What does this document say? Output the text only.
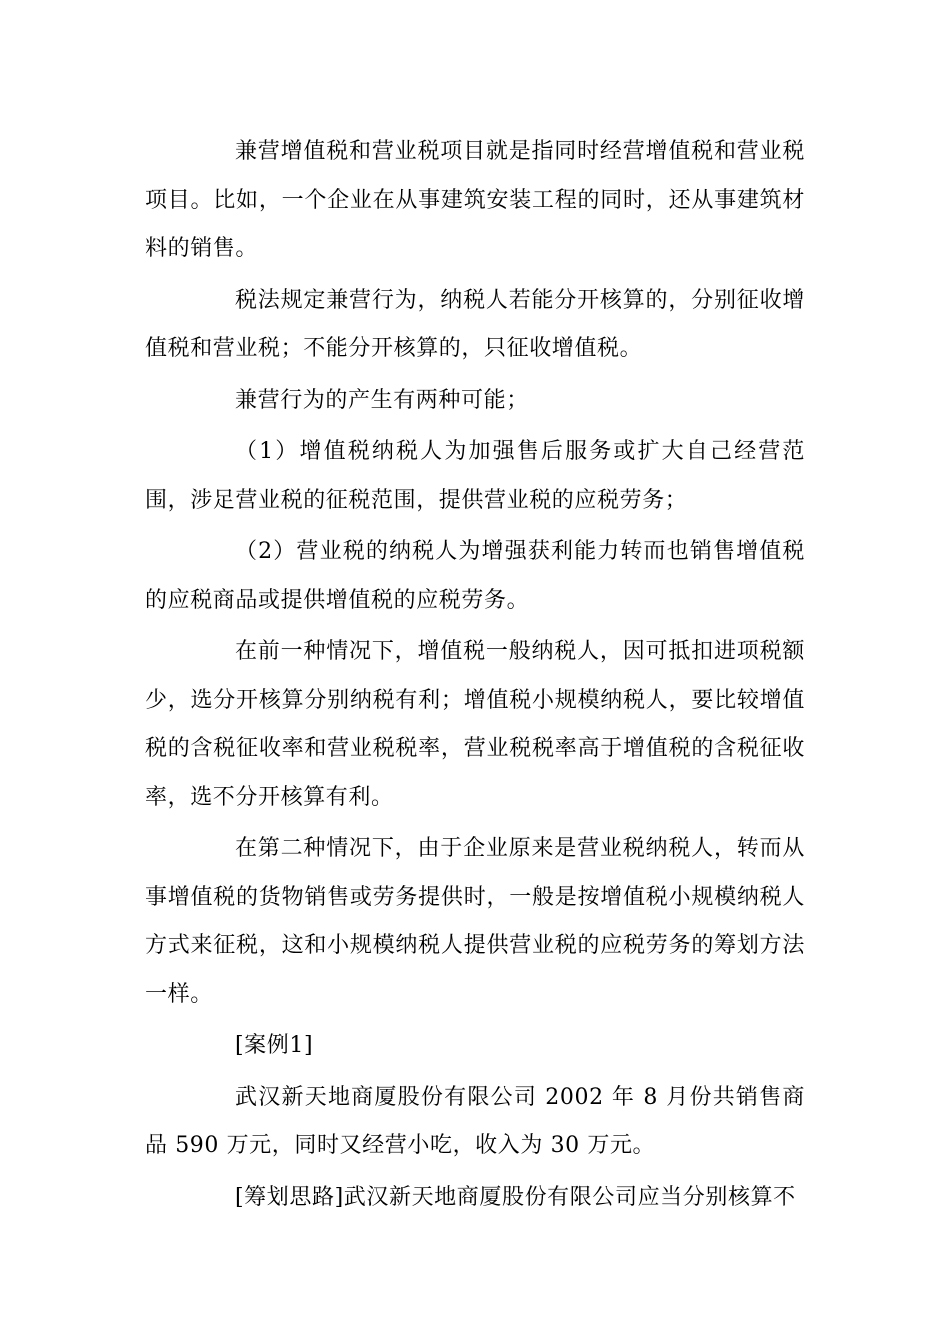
兼营增值税和营业税项目就是指同时经营增值税和营业税项目。比如，一个企业在从事建筑安装工程的同时，还从事建筑材料的销售。

税法规定兼营行为，纳税人若能分开核算的，分别征收增值税和营业税；不能分开核算的，只征收增值税。

兼营行为的产生有两种可能；

（1）增值税纳税人为加强售后服务或扩大自己经营范围，涉足营业税的征税范围，提供营业税的应税劳务；

（2）营业税的纳税人为增强获利能力转而也销售增值税的应税商品或提供增值税的应税劳务。

在前一种情况下，增值税一般纳税人，因可抵扣进项税额少，选分开核算分别纳税有利；增值税小规模纳税人，要比较增值税的含税征收率和营业税税率，营业税税率高于增值税的含税征收率，选不分开核算有利。

在第二种情况下，由于企业原来是营业税纳税人，转而从事增值税的货物销售或劳务提供时，一般是按增值税小规模纳税人方式来征税，这和小规模纳税人提供营业税的应税劳务的筹划方法一样。

[案例1]

武汉新天地商厦股份有限公司 2002 年 8 月份共销售商品 590 万元，同时又经营小吃，收入为 30 万元。

[筹划思路]武汉新天地商厦股份有限公司应当分别核算不
